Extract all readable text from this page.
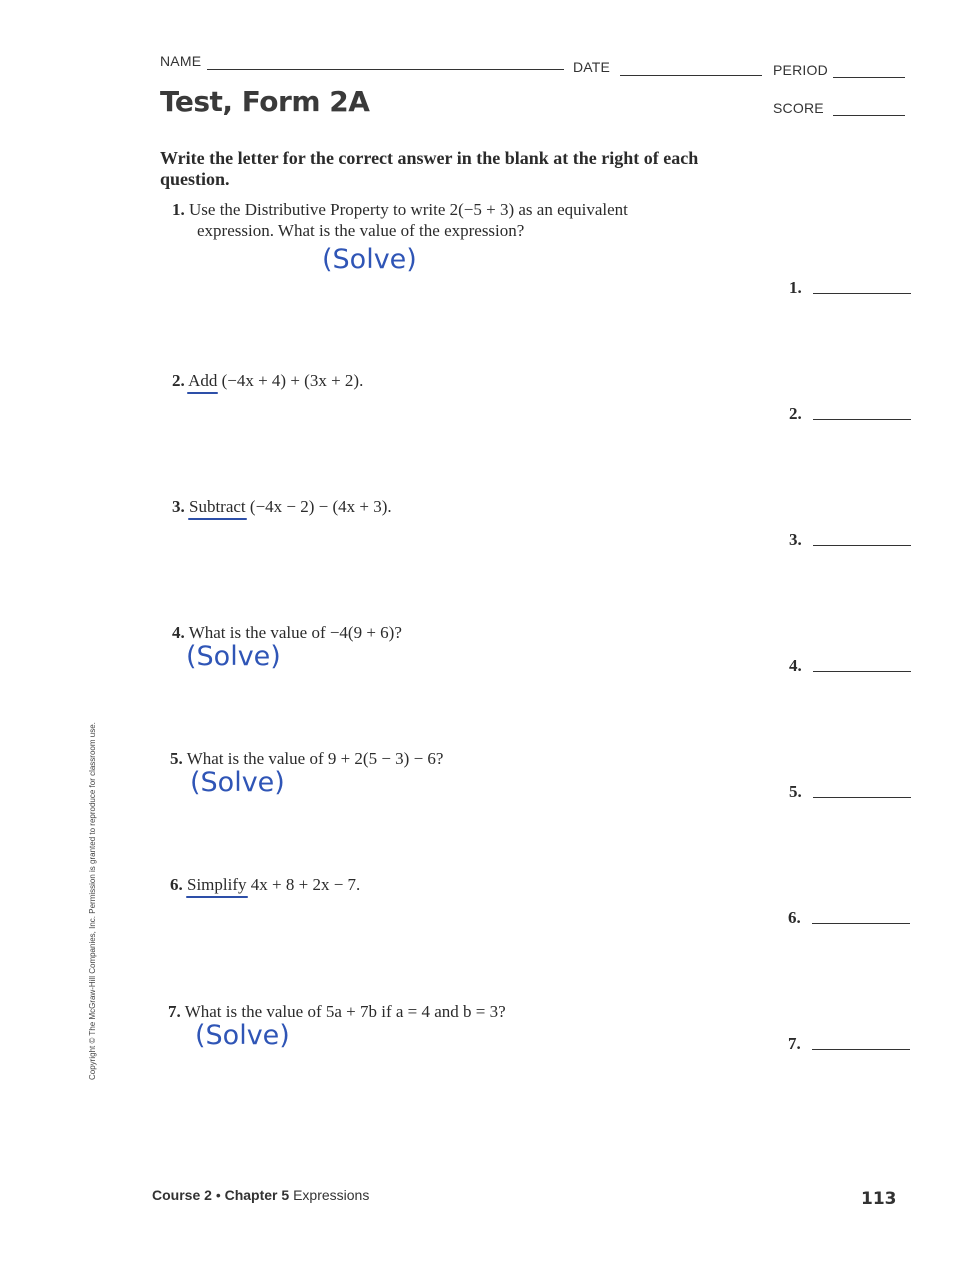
NAME	DATE	PERIOD
Test, Form 2A	SCORE
Write the letter for the correct answer in the blank at the right of each question.
1. Use the Distributive Property to write 2(−5 + 3) as an equivalent
expression. What is the value of the expression?
(Solve)
2. Add (−4x + 4) + (3x + 2).
3. Subtract (−4x − 2) − (4x + 3).
4. What is the value of −4(9 + 6)?
(Solve)
5. What is the value of 9 + 2(5 − 3) − 6?
(Solve)
6. Simplify 4x + 8 + 2x − 7.
7. What is the value of 5a + 7b if a = 4 and b = 3?
(Solve)
1.
2.
3.
4.
5.
6.
7.
Copyright © The McGraw-Hill Companies, Inc. Permission is granted to reproduce for classroom use.
Course 2 • Chapter 5 Expressions	113
